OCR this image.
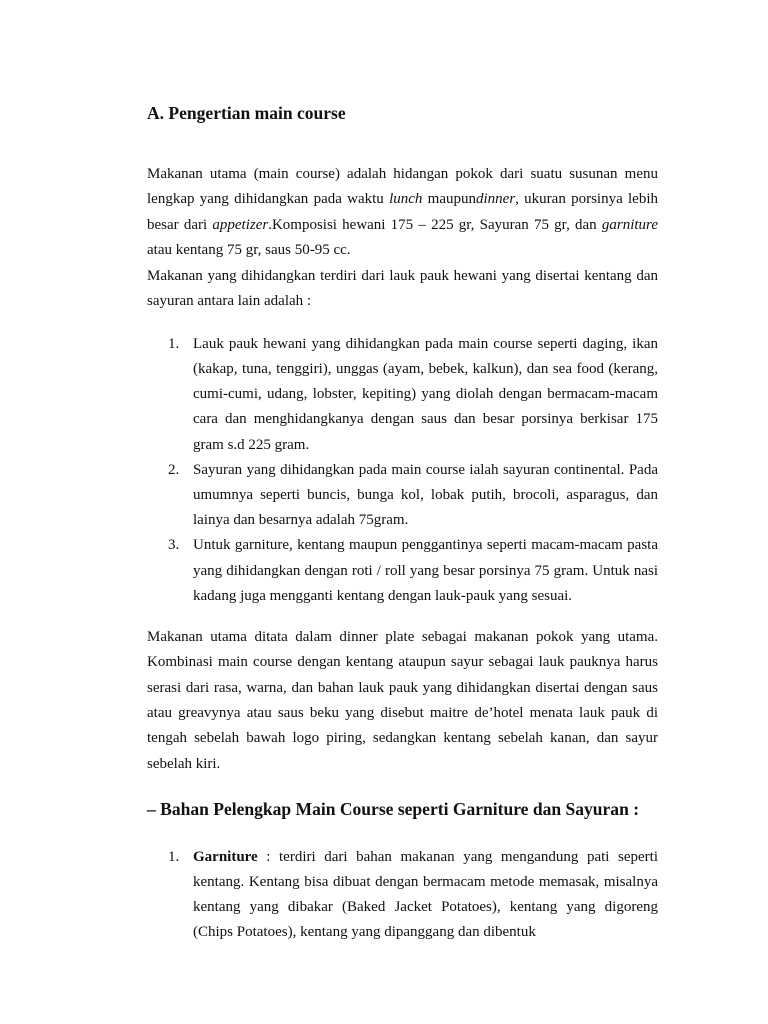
A. Pengertian main course

Makanan utama (main course) adalah hidangan pokok dari suatu susunan menu lengkap yang dihidangkan pada waktu lunch maupundinner, ukuran porsinya lebih besar dari appetizer.Komposisi hewani 175 – 225 gr, Sayuran 75 gr, dan garniture atau kentang 75 gr, saus 50-95 cc.

Makanan yang dihidangkan terdiri dari lauk pauk hewani yang disertai kentang dan sayuran antara lain adalah :

1. Lauk pauk hewani yang dihidangkan pada main course seperti daging, ikan (kakap, tuna, tenggiri), unggas (ayam, bebek, kalkun), dan sea food (kerang, cumi-cumi, udang, lobster, kepiting) yang diolah dengan bermacam-macam cara dan menghidangkanya dengan saus dan besar porsinya berkisar 175 gram s.d 225 gram.
2. Sayuran yang dihidangkan pada main course ialah sayuran continental. Pada umumnya seperti buncis, bunga kol, lobak putih, brocoli, asparagus, dan lainya dan besarnya adalah 75gram.
3. Untuk garniture, kentang maupun penggantinya seperti macam-macam pasta yang dihidangkan dengan roti / roll yang besar porsinya 75 gram. Untuk nasi kadang juga mengganti kentang dengan lauk-pauk yang sesuai.

Makanan utama ditata dalam dinner plate sebagai makanan pokok yang utama. Kombinasi main course dengan kentang ataupun sayur sebagai lauk pauknya harus serasi dari rasa, warna, dan bahan lauk pauk yang dihidangkan disertai dengan saus atau greavynya atau saus beku yang disebut maitre de’hotel menata lauk pauk di tengah sebelah bawah logo piring, sedangkan kentang sebelah kanan, dan sayur sebelah kiri.

– Bahan Pelengkap Main Course seperti Garniture dan Sayuran :
1. Garniture : terdiri dari bahan makanan yang mengandung pati seperti kentang. Kentang bisa dibuat dengan bermacam metode memasak, misalnya kentang yang dibakar (Baked Jacket Potatoes), kentang yang digoreng (Chips Potatoes), kentang yang dipanggang dan dibentuk
